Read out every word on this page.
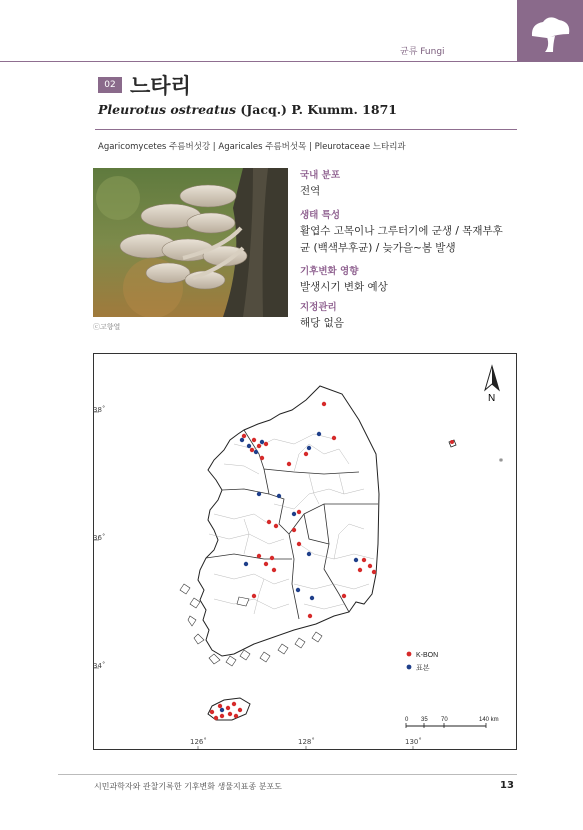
균류 Fungi
02 느타리
Pleurotus ostreatus (Jacq.) P. Kumm. 1871
Agaricomycetes 주름버섯강 | Agaricales 주름버섯목 | Pleurotaceae 느타리과
ⓒ고향열
국내 분포
전역
생태 특성
활엽수 고목이나 그루터기에 군생 / 목재부후균 (백색부후균) / 늦가을~봄 발생
기후변화 영향
발생시기 변화 예상
지정관리
해당 없음
N
K-BON
표본
0 35 70	140 km
38˚
36˚
34˚
126˚	128˚	130˚
시민과학자와 관찰기록한 기후변화 생물지표종 분포도	13
